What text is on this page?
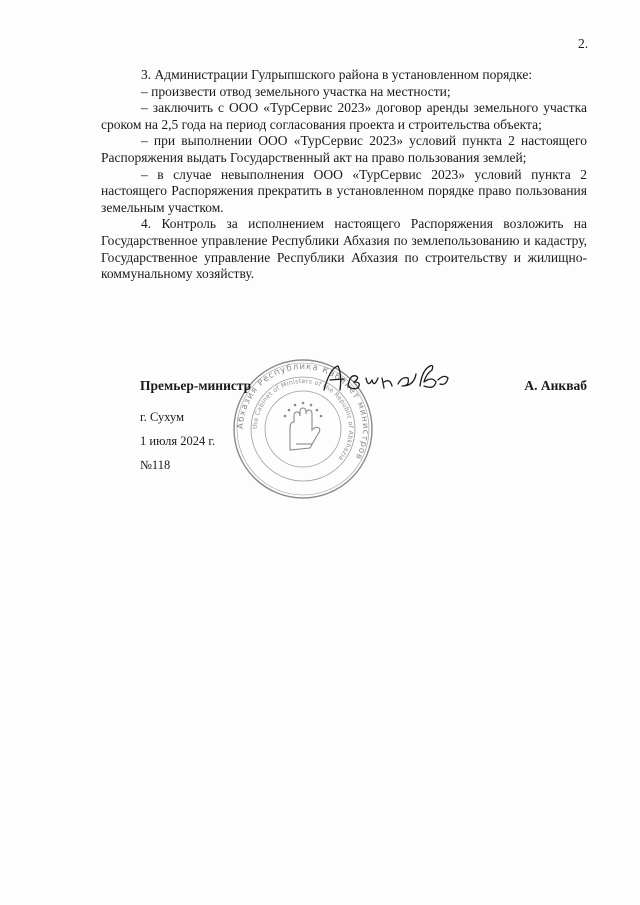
2.

3. Администрации Гулрыпшского района в установленном порядке:

– произвести отвод земельного участка на местности;

– заключить с ООО «ТурСервис 2023» договор аренды земельного участка сроком на 2,5 года на период согласования проекта и строительства объекта;

– при выполнении ООО «ТурСервис 2023» условий пункта 2 настоящего Распоряжения выдать Государственный акт на право пользования землей;

– в случае невыполнения ООО «ТурСервис 2023» условий пункта 2 настоящего Распоряжения прекратить в установленном порядке право пользования земельным участком.

4. Контроль за исполнением настоящего Распоряжения возложить на Государственное управление Республики Абхазия по землепользованию и кадастру, Государственное управление Республики Абхазия по строительству и жилищно-коммунальному хозяйству.

Абхазия Республика Кабинет министров
the Cabinet of Ministers of the Republic of Abkhazia
Премьер-министр	А. Анкваб
г. Сухум
1 июля 2024 г.
№118
